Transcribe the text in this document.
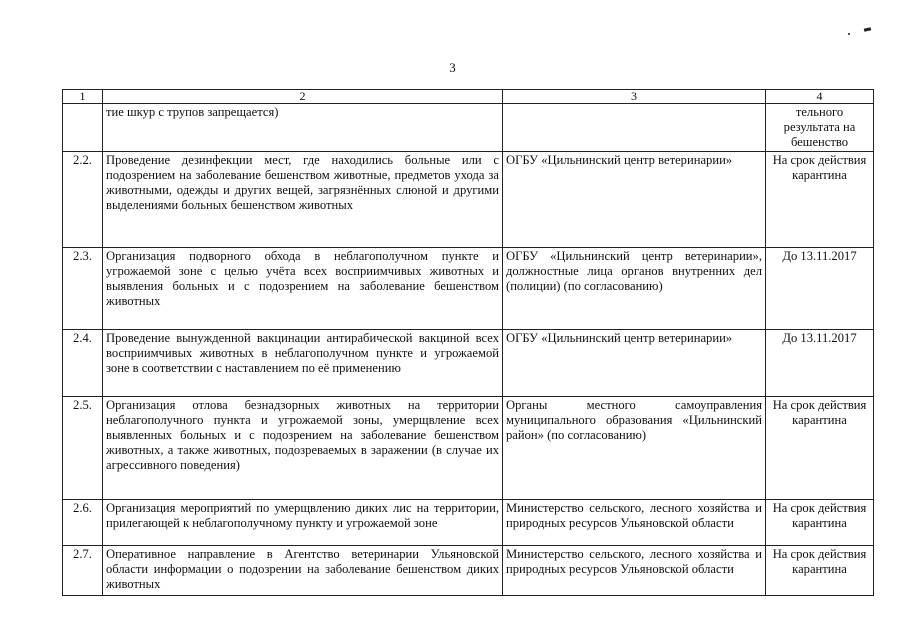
3
1	2	3	4
	тие шкур с трупов запрещается)		тельного результата на бешенство
2.2.	Проведение дезинфекции мест, где находились больные или с подозрением на заболевание бешенством животные, предметов ухода за животными, одежды и других вещей, загрязнённых слюной и другими выделениями больных бешенством животных	ОГБУ «Цильнинский центр ветеринарии»	На срок действия карантина
2.3.	Организация подворного обхода в неблагополучном пункте и угрожаемой зоне с целью учёта всех восприимчивых животных и выявления больных и с подозрением на заболевание бешенством животных	ОГБУ «Цильнинский центр ветеринарии», должностные лица органов внутренних дел (полиции) (по согласованию)	До 13.11.2017
2.4.	Проведение вынужденной вакцинации антирабической вакциной всех восприимчивых животных в неблагополучном пункте и угрожаемой зоне в соответствии с наставлением по её применению	ОГБУ «Цильнинский центр ветеринарии»	До 13.11.2017
2.5.	Организация отлова безнадзорных животных на территории неблагополучного пункта и угрожаемой зоны, умерщвление всех выявленных больных и с подозрением на заболевание бешенством животных, а также животных, подозреваемых в заражении (в случае их агрессивного поведения)	Органы местного самоуправления муниципального образования «Цильнинский район» (по согласованию)	На срок действия карантина
2.6.	Организация мероприятий по умерщвлению диких лис на территории, прилегающей к неблагополучному пункту и угрожаемой зоне	Министерство сельского, лесного хозяйства и природных ресурсов Ульяновской области	На срок действия карантина
2.7.	Оперативное направление в Агентство ветеринарии Ульяновской области информации о подозрении на заболевание бешенством диких животных	Министерство сельского, лесного хозяйства и природных ресурсов Ульяновской области	На срок действия карантина
